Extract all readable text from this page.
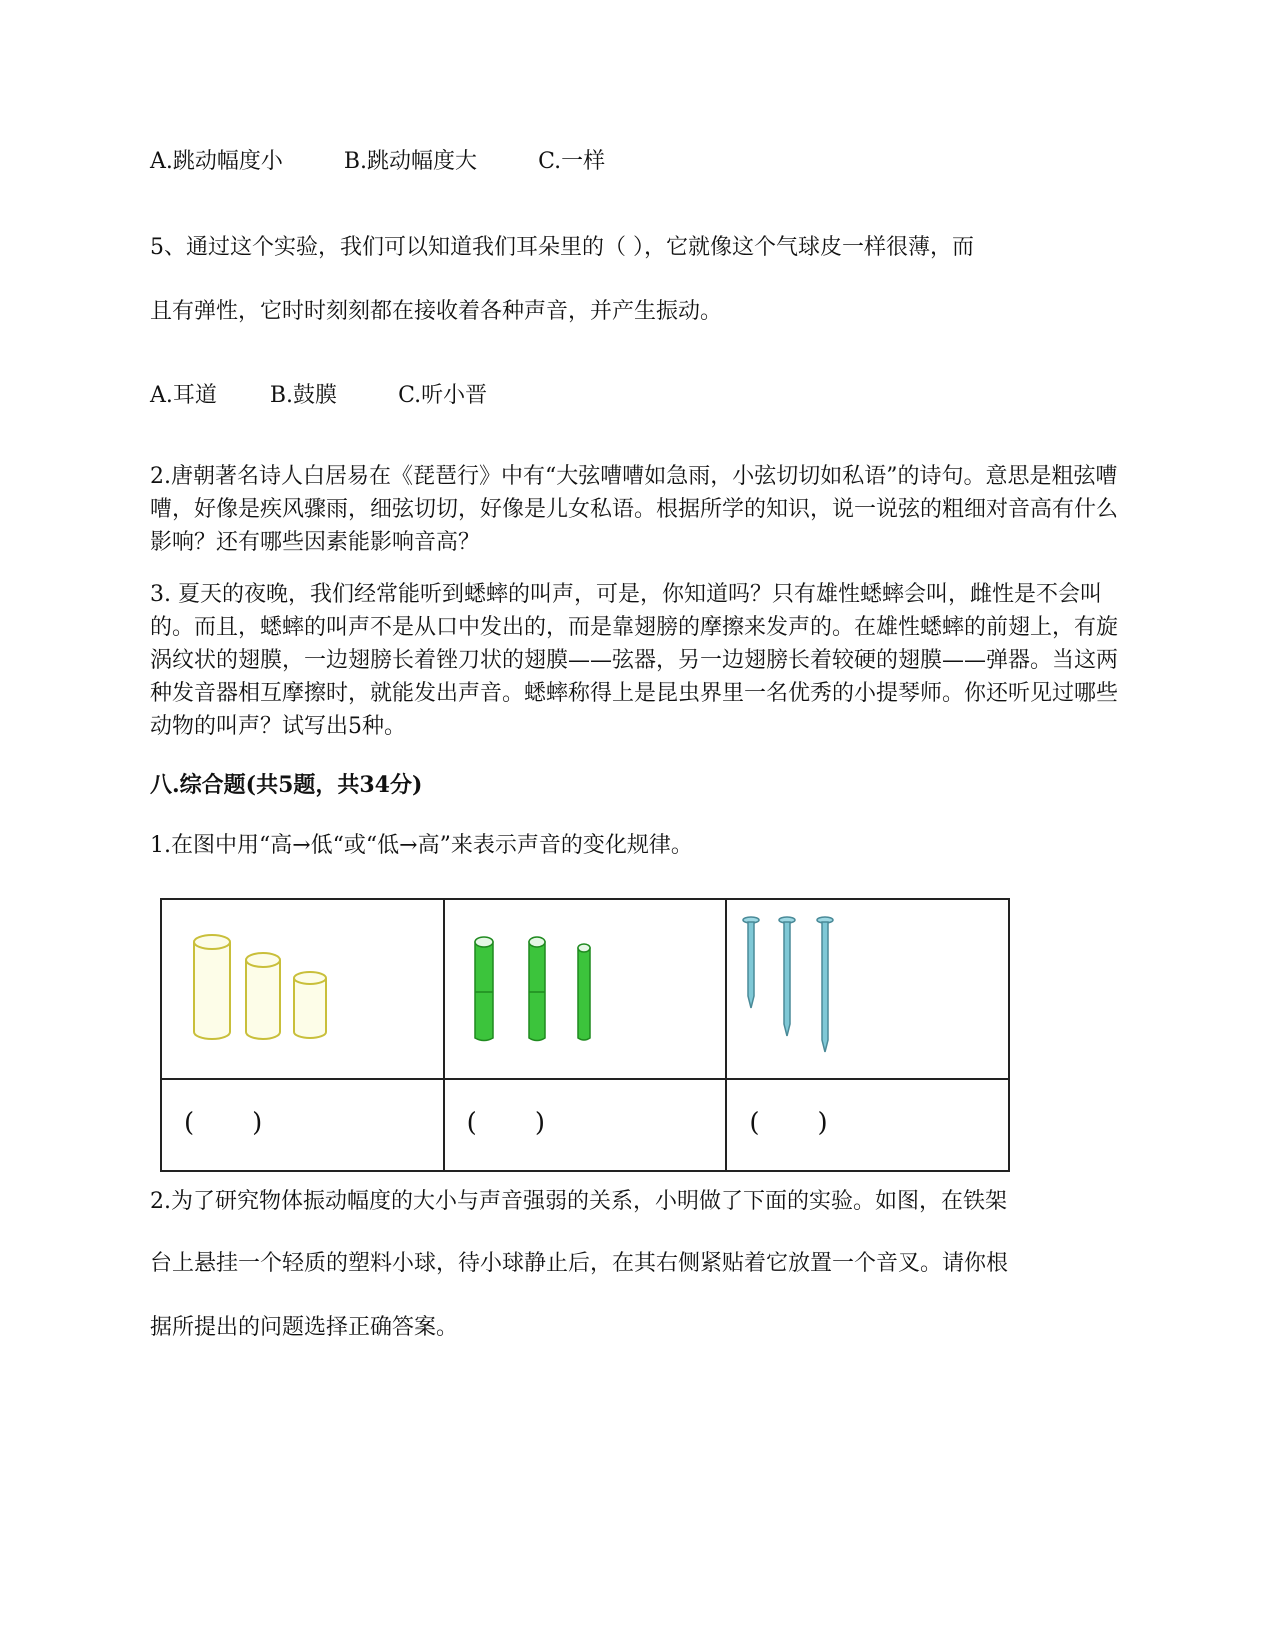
A.跳动幅度小	B.跳动幅度大	C.一样

5、通过这个实验，我们可以知道我们耳朵里的（ ），它就像这个气球皮一样很薄，而

且有弹性，它时时刻刻都在接收着各种声音，并产生振动。

A.耳道 B.鼓膜	C.听小晋

2.唐朝著名诗人白居易在《琵琶行》中有“大弦嘈嘈如急雨，小弦切切如私语”的诗句。意思是粗弦嘈嘈，好像是疾风骤雨，细弦切切，好像是儿女私语。根据所学的知识，说一说弦的粗细对音高有什么影响？还有哪些因素能影响音高？

3. 夏天的夜晚，我们经常能听到蟋蟀的叫声，可是，你知道吗？只有雄性蟋蟀会叫，雌性是不会叫的。而且，蟋蟀的叫声不是从口中发出的，而是靠翅膀的摩擦来发声的。在雄性蟋蟀的前翅上，有旋涡纹状的翅膜，一边翅膀长着锉刀状的翅膜——弦器，另一边翅膀长着较硬的翅膜——弹器。当这两种发音器相互摩擦时，就能发出声音。蟋蟀称得上是昆虫界里一名优秀的小提琴师。你还听见过哪些动物的叫声？试写出5种。

八.综合题(共5题，共34分)

1.在图中用“高→低“或“低→高”来表示声音的变化规律。

( )	( )	( )

2.为了研究物体振动幅度的大小与声音强弱的关系，小明做了下面的实验。如图，在铁架

台上悬挂一个轻质的塑料小球，待小球静止后，在其右侧紧贴着它放置一个音叉。请你根

据所提出的问题选择正确答案。
